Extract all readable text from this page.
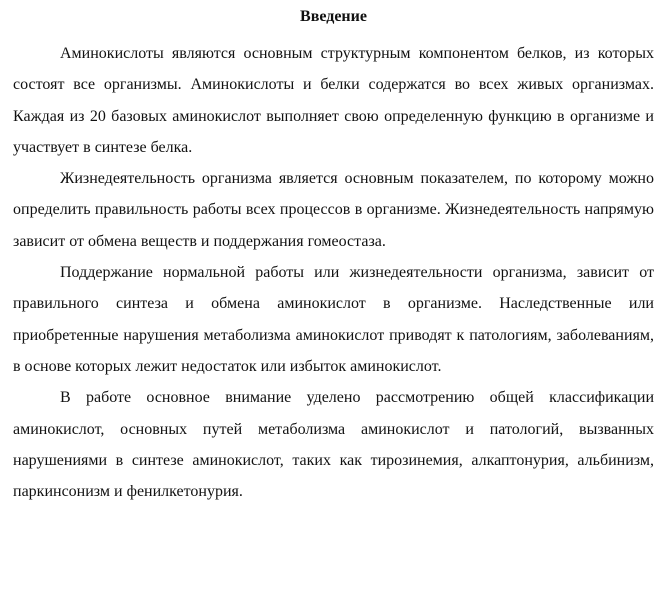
Введение

Аминокислоты являются основным структурным компонентом белков, из которых состоят все организмы. Аминокислоты и белки содержатся во всех живых организмах. Каждая из 20 базовых аминокислот выполняет свою определенную функцию в организме и участвует в синтезе белка.

Жизнедеятельность организма является основным показателем, по которому можно определить правильность работы всех процессов в организме. Жизнедеятельность напрямую зависит от обмена веществ и поддержания гомеостаза.

Поддержание нормальной работы или жизнедеятельности организма, зависит от правильного синтеза и обмена аминокислот в организме. Наследственные или приобретенные нарушения метаболизма аминокислот приводят к патологиям, заболеваниям, в основе которых лежит недостаток или избыток аминокислот.

В работе основное внимание уделено рассмотрению общей классификации аминокислот, основных путей метаболизма аминокислот и патологий, вызванных нарушениями в синтезе аминокислот, таких как тирозинемия, алкаптонурия, альбинизм, паркинсонизм и фенилкетонурия.
